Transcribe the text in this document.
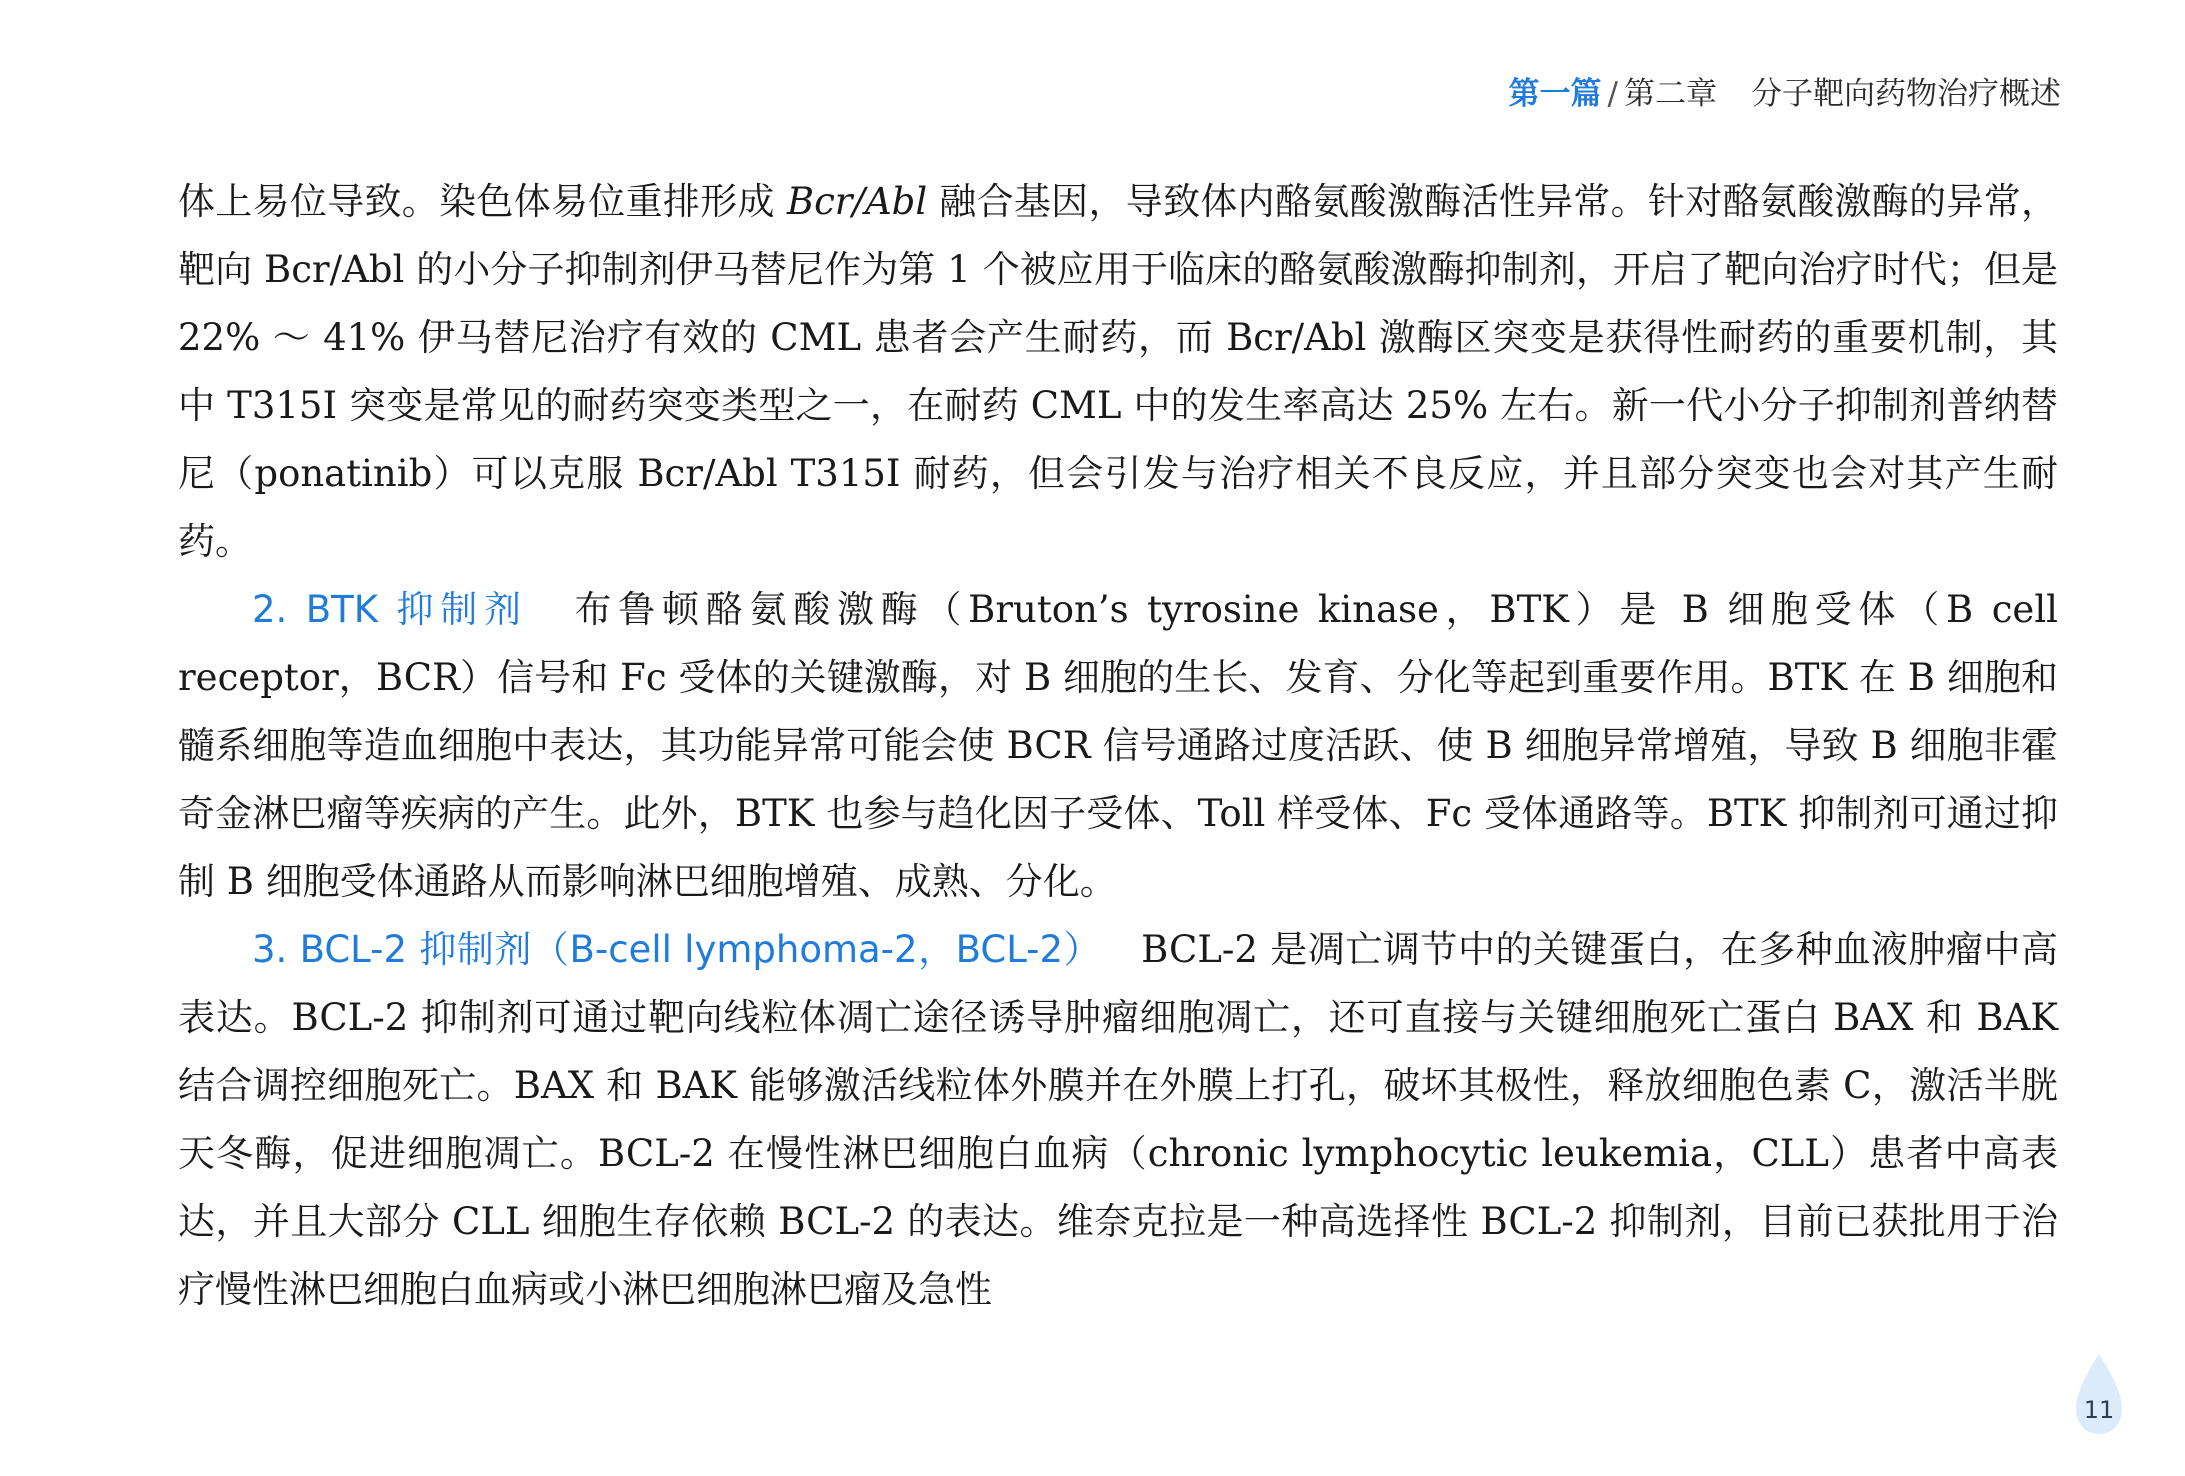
第一篇 / 第二章 分子靶向药物治疗概述

体上易位导致。染色体易位重排形成 Bcr/Abl 融合基因，导致体内酪氨酸激酶活性异常。针对酪氨酸激酶的异常，靶向 Bcr/Abl 的小分子抑制剂伊马替尼作为第 1 个被应用于临床的酪氨酸激酶抑制剂，开启了靶向治疗时代；但是 22% ～ 41% 伊马替尼治疗有效的 CML 患者会产生耐药，而 Bcr/Abl 激酶区突变是获得性耐药的重要机制，其中 T315I 突变是常见的耐药突变类型之一，在耐药 CML 中的发生率高达 25% 左右。新一代小分子抑制剂普纳替尼（ponatinib）可以克服 Bcr/Abl T315I 耐药，但会引发与治疗相关不良反应，并且部分突变也会对其产生耐药。

2. BTK 抑制剂 布鲁顿酪氨酸激酶（Bruton’s tyrosine kinase，BTK）是 B 细胞受体（B cell receptor，BCR）信号和 Fc 受体的关键激酶，对 B 细胞的生长、发育、分化等起到重要作用。BTK 在 B 细胞和髓系细胞等造血细胞中表达，其功能异常可能会使 BCR 信号通路过度活跃、使 B 细胞异常增殖，导致 B 细胞非霍奇金淋巴瘤等疾病的产生。此外，BTK 也参与趋化因子受体、Toll 样受体、Fc 受体通路等。BTK 抑制剂可通过抑制 B 细胞受体通路从而影响淋巴细胞增殖、成熟、分化。

3. BCL-2 抑制剂（B-cell lymphoma-2，BCL-2） BCL-2 是凋亡调节中的关键蛋白，在多种血液肿瘤中高表达。BCL-2 抑制剂可通过靶向线粒体凋亡途径诱导肿瘤细胞凋亡，还可直接与关键细胞死亡蛋白 BAX 和 BAK 结合调控细胞死亡。BAX 和 BAK 能够激活线粒体外膜并在外膜上打孔，破坏其极性，释放细胞色素 C，激活半胱天冬酶，促进细胞凋亡。BCL-2 在慢性淋巴细胞白血病（chronic lymphocytic leukemia，CLL）患者中高表达，并且大部分 CLL 细胞生存依赖 BCL-2 的表达。维奈克拉是一种高选择性 BCL-2 抑制剂，目前已获批用于治疗慢性淋巴细胞白血病或小淋巴细胞淋巴瘤及急性

11
